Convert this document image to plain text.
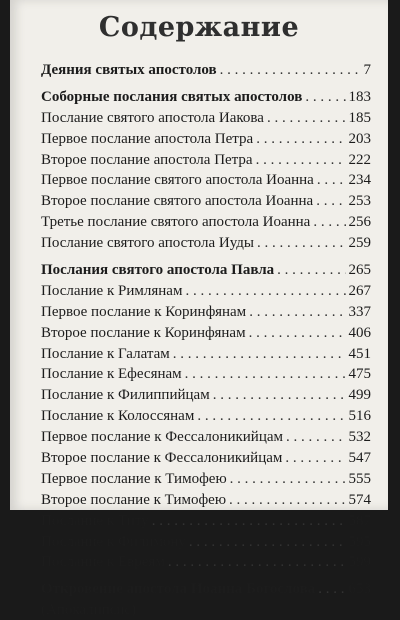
Содержание
Деяния святых апостолов . . .	7
Соборные послания святых апостолов . . .	183
Послание святого апостола Иакова . . .	185
Первое послание апостола Петра . . .	203
Второе послание апостола Петра . . .	222
Первое послание святого апостола Иоанна . . . 234
Второе послание святого апостола Иоанна . . . 253
Третье послание святого апостола Иоанна . . .	256
Послание святого апостола Иуды . . .	259
Послания святого апостола Павла . . .	265
Послание к Римлянам . . .	267
Первое послание к Коринфянам . . .	337
Второе послание к Коринфянам . . .	406
Послание к Галатам . . .	451
Послание к Ефесянам . . .	475
Послание к Филиппийцам . . .	499
Послание к Колоссянам . . .	516
Первое послание к Фессалоникийцам . . .	532
Второе послание к Фессалоникийцам . . .	547
Первое послание к Тимофею . . .	555
Второе послание к Тимофею . . .	574
Послание к Титу . . .	587
Послание к Филимону . . .	595
Послание к Евреям . . .	599
Откровение апостола Иоанна Богослова . . . 653
(Апокалипсис)
